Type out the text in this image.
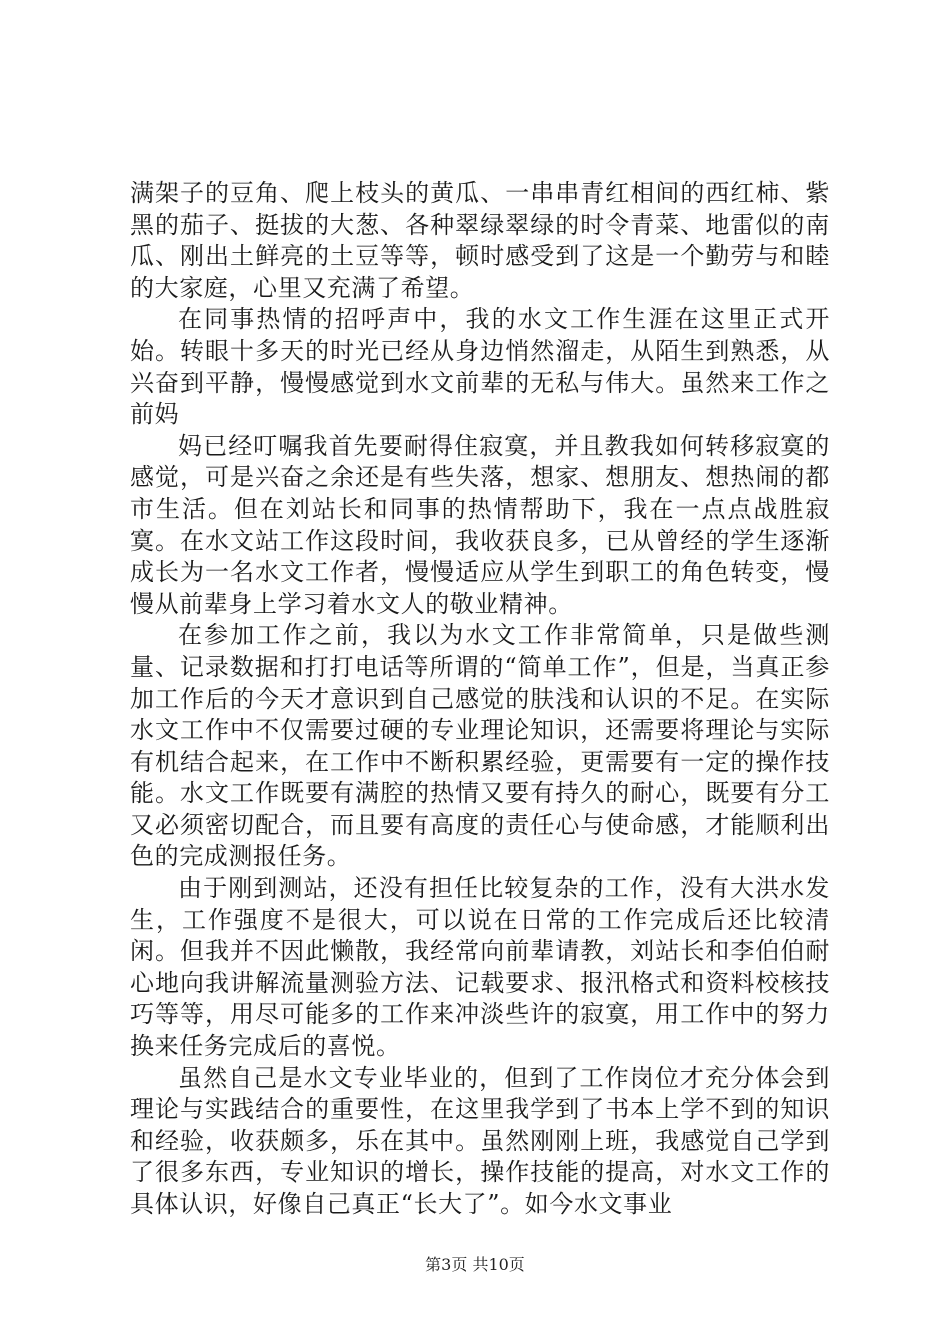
满架子的豆角、爬上枝头的黄瓜、一串串青红相间的西红柿、紫黑的茄子、挺拔的大葱、各种翠绿翠绿的时令青菜、地雷似的南瓜、刚出土鲜亮的土豆等等，顿时感受到了这是一个勤劳与和睦的大家庭，心里又充满了希望。

在同事热情的招呼声中，我的水文工作生涯在这里正式开始。转眼十多天的时光已经从身边悄然溜走，从陌生到熟悉，从兴奋到平静，慢慢感觉到水文前辈的无私与伟大。虽然来工作之前妈

妈已经叮嘱我首先要耐得住寂寞，并且教我如何转移寂寞的感觉，可是兴奋之余还是有些失落，想家、想朋友、想热闹的都市生活。但在刘站长和同事的热情帮助下，我在一点点战胜寂寞。在水文站工作这段时间，我收获良多，已从曾经的学生逐渐成长为一名水文工作者，慢慢适应从学生到职工的角色转变，慢慢从前辈身上学习着水文人的敬业精神。

在参加工作之前，我以为水文工作非常简单，只是做些测量、记录数据和打打电话等所谓的“简单工作”，但是，当真正参加工作后的今天才意识到自己感觉的肤浅和认识的不足。在实际水文工作中不仅需要过硬的专业理论知识，还需要将理论与实际有机结合起来，在工作中不断积累经验，更需要有一定的操作技能。水文工作既要有满腔的热情又要有持久的耐心，既要有分工又必须密切配合，而且要有高度的责任心与使命感，才能顺利出色的完成测报任务。

由于刚到测站，还没有担任比较复杂的工作，没有大洪水发生，工作强度不是很大，可以说在日常的工作完成后还比较清闲。但我并不因此懒散，我经常向前辈请教，刘站长和李伯伯耐心地向我讲解流量测验方法、记载要求、报汛格式和资料校核技巧等等，用尽可能多的工作来冲淡些许的寂寞，用工作中的努力换来任务完成后的喜悦。

虽然自己是水文专业毕业的，但到了工作岗位才充分体会到理论与实践结合的重要性，在这里我学到了书本上学不到的知识和经验，收获颇多，乐在其中。虽然刚刚上班，我感觉自己学到了很多东西，专业知识的增长，操作技能的提高，对水文工作的具体认识，好像自己真正“长大了”。如今水文事业

第3页 共10页
